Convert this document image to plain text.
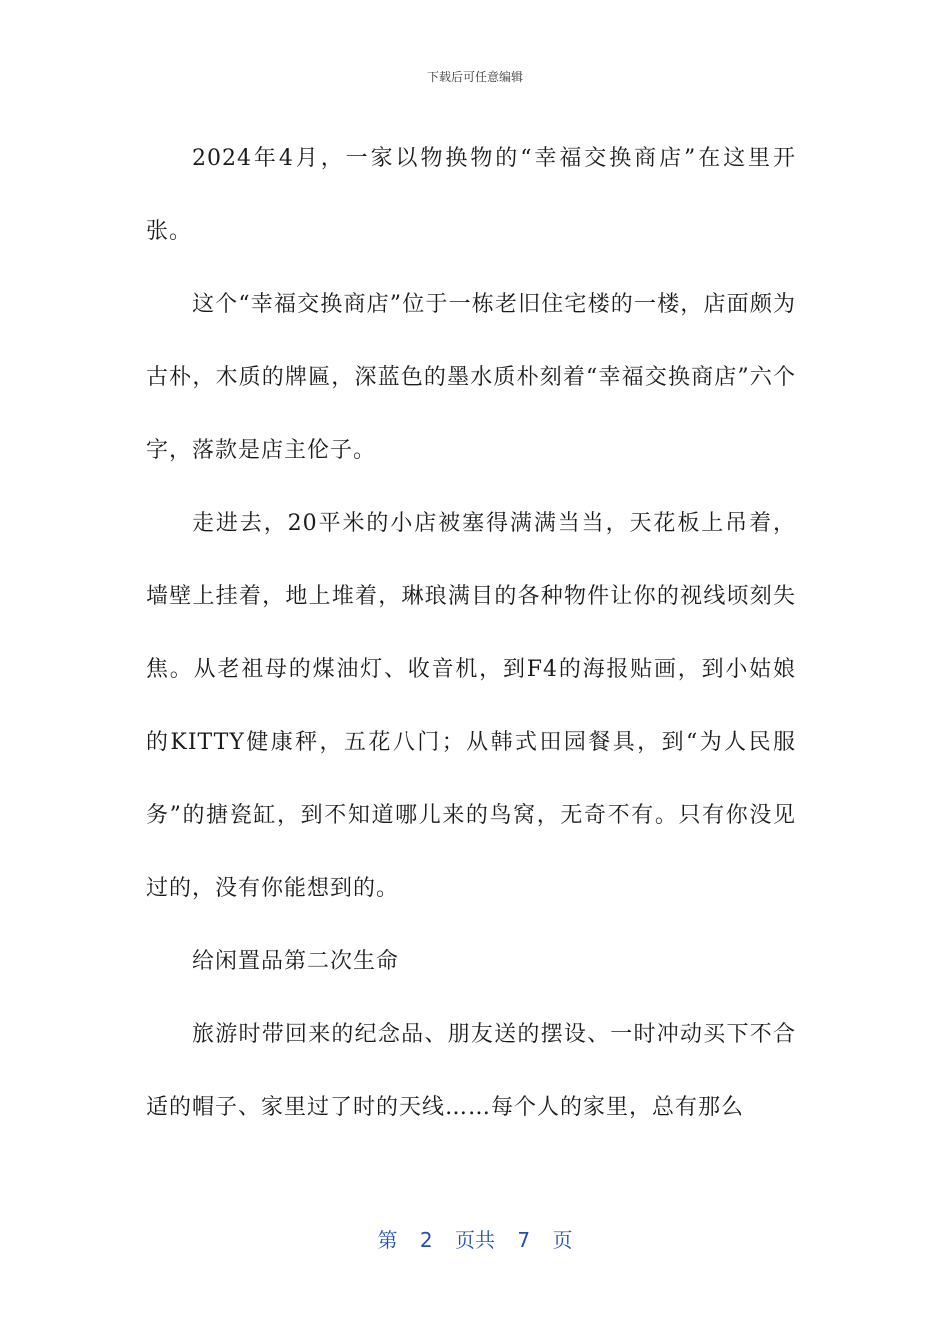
下载后可任意编辑

2024年4月，一家以物换物的“幸福交换商店”在这里开张。

这个“幸福交换商店”位于一栋老旧住宅楼的一楼，店面颇为古朴，木质的牌匾，深蓝色的墨水质朴刻着“幸福交换商店”六个字，落款是店主伦子。

走进去，20平米的小店被塞得满满当当，天花板上吊着，墙壁上挂着，地上堆着，琳琅满目的各种物件让你的视线顷刻失焦。从老祖母的煤油灯、收音机，到F4的海报贴画，到小姑娘的KITTY健康秤，五花八门；从韩式田园餐具，到“为人民服务”的搪瓷缸，到不知道哪儿来的鸟窝，无奇不有。只有你没见过的，没有你能想到的。

给闲置品第二次生命

旅游时带回来的纪念品、朋友送的摆设、一时冲动买下不合适的帽子、家里过了时的天线……每个人的家里，总有那么

第 2 页共 7 页
